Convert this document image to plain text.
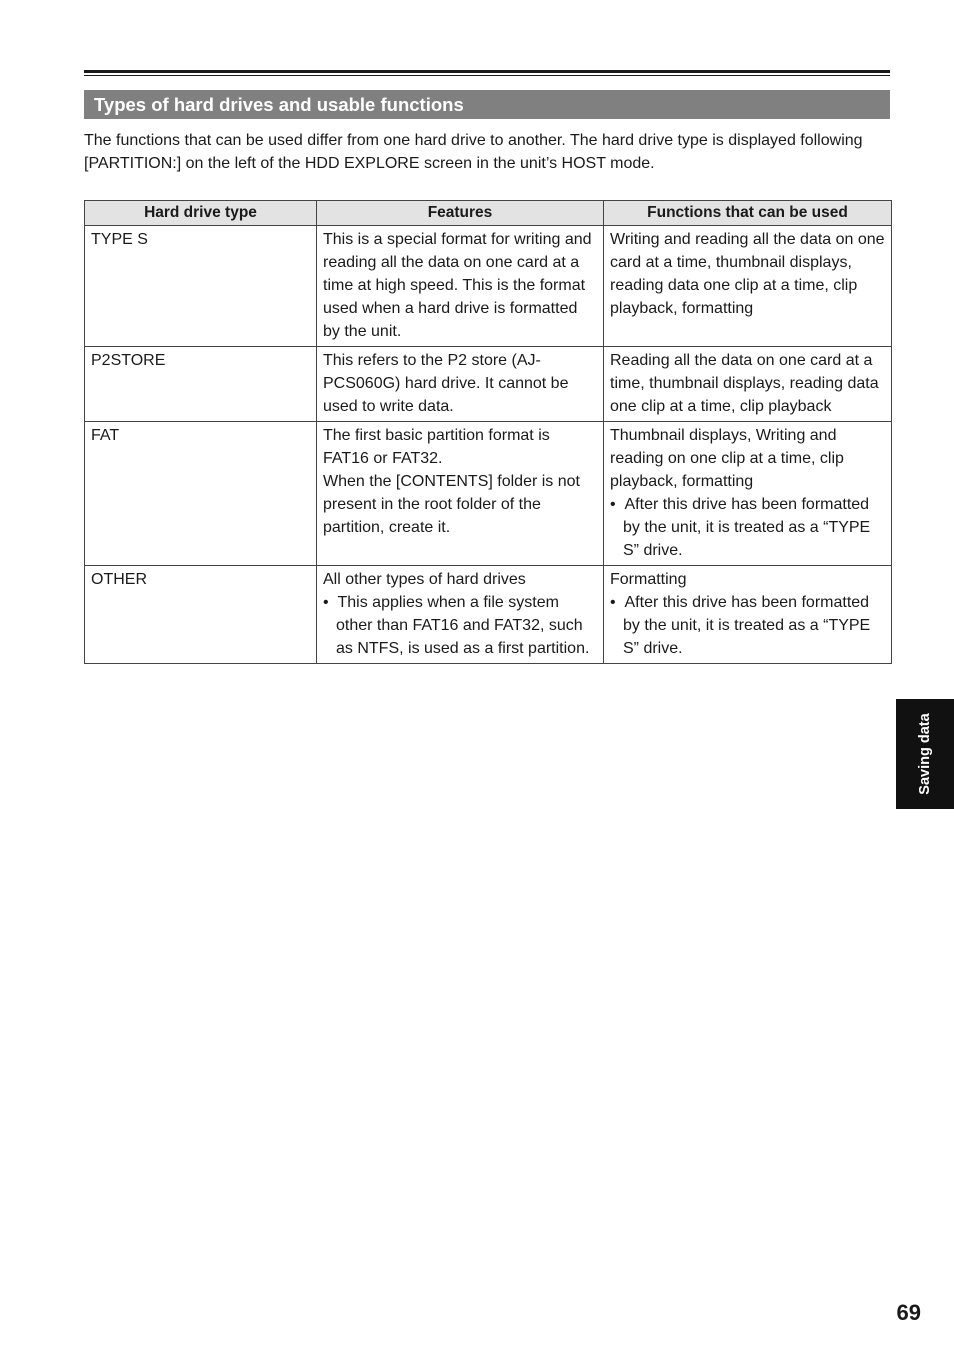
Types of hard drives and usable functions

The functions that can be used differ from one hard drive to another. The hard drive type is displayed following [PARTITION:] on the left of the HDD EXPLORE screen in the unit’s HOST mode.

Hard drive type	Features	Functions that can be used
TYPE S	This is a special format for writing and reading all the data on one card at a time at high speed. This is the format used when a hard drive is formatted by the unit.	Writing and reading all the data on one card at a time, thumbnail displays, reading data one clip at a time, clip playback, formatting

P2STORE	This refers to the P2 store (AJ-PCS060G) hard drive. It cannot be used to write data.	Reading all the data on one card at a time, thumbnail displays, reading data one clip at a time, clip playback

FAT	The first basic partition format is FAT16 or FAT32.
When the [CONTENTS] folder is not present in the root folder of the partition, create it.	Thumbnail displays, Writing and reading on one clip at a time, clip playback, formatting
•  After this drive has been formatted by the unit, it is treated as a “TYPE S” drive.

OTHER	All other types of hard drives
•  This applies when a file system other than FAT16 and FAT32, such as NTFS, is used as a first partition.	Formatting
•  After this drive has been formatted by the unit, it is treated as a “TYPE S” drive.
Saving data
69
